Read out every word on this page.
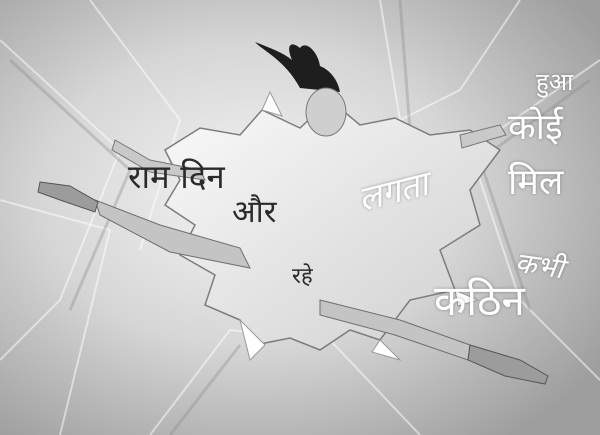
राम दिन
और
रहे
लगता
हुआ
कोई
मिल
कभी
कठिन
